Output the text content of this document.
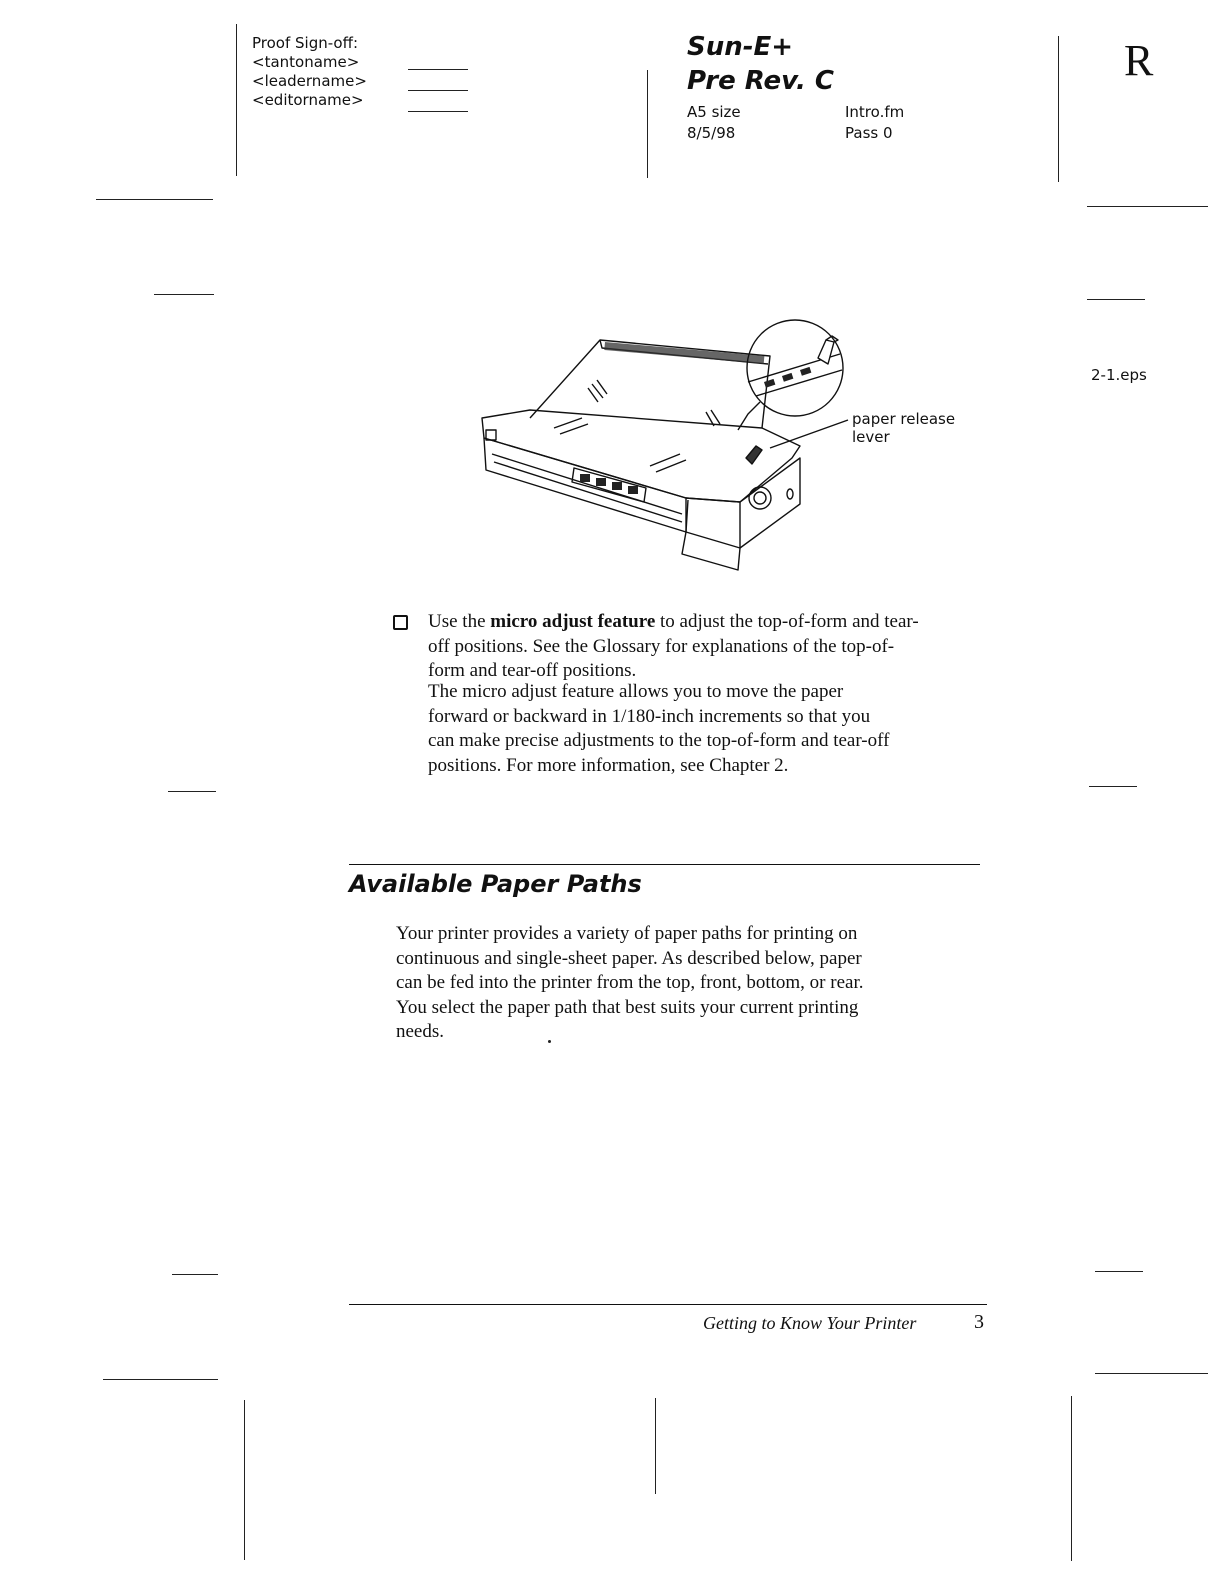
Proof Sign-off:
<tantoname>
<leadername>
<editorname>
Sun-E+
Pre Rev. C
A5 size
8/5/98
Intro.fm
Pass 0
R
2-1.eps
paper release
lever
Use the micro adjust feature to adjust the top-of-form and tear-
off positions. See the Glossary for explanations of the top-of-
form and tear-off positions.
The micro adjust feature allows you to move the paper
forward or backward in 1/180-inch increments so that you
can make precise adjustments to the top-of-form and tear-off
positions. For more information, see Chapter 2.
Available Paper Paths
Your printer provides a variety of paper paths for printing on
continuous and single-sheet paper. As described below, paper
can be fed into the printer from the top, front, bottom, or rear.
You select the paper path that best suits your current printing
needs.
Getting to Know Your Printer	3
